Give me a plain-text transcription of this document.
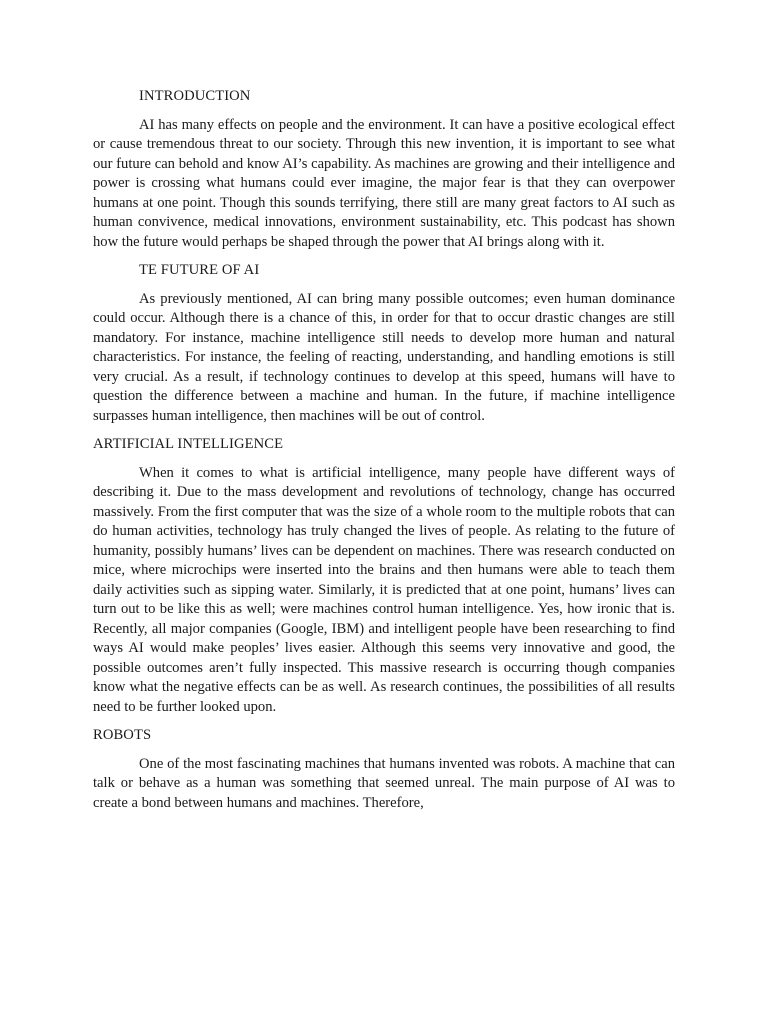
INTRODUCTION

AI has many effects on people and the environment. It can have a positive ecological effect or cause tremendous threat to our society. Through this new invention, it is important to see what our future can behold and know AI’s capability. As machines are growing and their intelligence and power is crossing what humans could ever imagine, the major fear is that they can overpower humans at one point. Though this sounds terrifying, there still are many great factors to AI such as human convivence, medical innovations, environment sustainability, etc. This podcast has shown how the future would perhaps be shaped through the power that AI brings along with it.

TE FUTURE OF AI

As previously mentioned, AI can bring many possible outcomes; even human dominance could occur. Although there is a chance of this, in order for that to occur drastic changes are still mandatory. For instance, machine intelligence still needs to develop more human and natural characteristics. For instance, the feeling of reacting, understanding, and handling emotions is still very crucial. As a result, if technology continues to develop at this speed, humans will have to question the difference between a machine and human. In the future, if machine intelligence surpasses human intelligence, then machines will be out of control.

ARTIFICIAL INTELLIGENCE

When it comes to what is artificial intelligence, many people have different ways of describing it. Due to the mass development and revolutions of technology, change has occurred massively. From the first computer that was the size of a whole room to the multiple robots that can do human activities, technology has truly changed the lives of people. As relating to the future of humanity, possibly humans’ lives can be dependent on machines. There was research conducted on mice, where microchips were inserted into the brains and then humans were able to teach them daily activities such as sipping water. Similarly, it is predicted that at one point, humans’ lives can turn out to be like this as well; were machines control human intelligence. Yes, how ironic that is. Recently, all major companies (Google, IBM) and intelligent people have been researching to find ways AI would make peoples’ lives easier. Although this seems very innovative and good, the possible outcomes aren’t fully inspected. This massive research is occurring though companies know what the negative effects can be as well. As research continues, the possibilities of all results need to be further looked upon.

ROBOTS

One of the most fascinating machines that humans invented was robots. A machine that can talk or behave as a human was something that seemed unreal. The main purpose of AI was to create a bond between humans and machines. Therefore,
